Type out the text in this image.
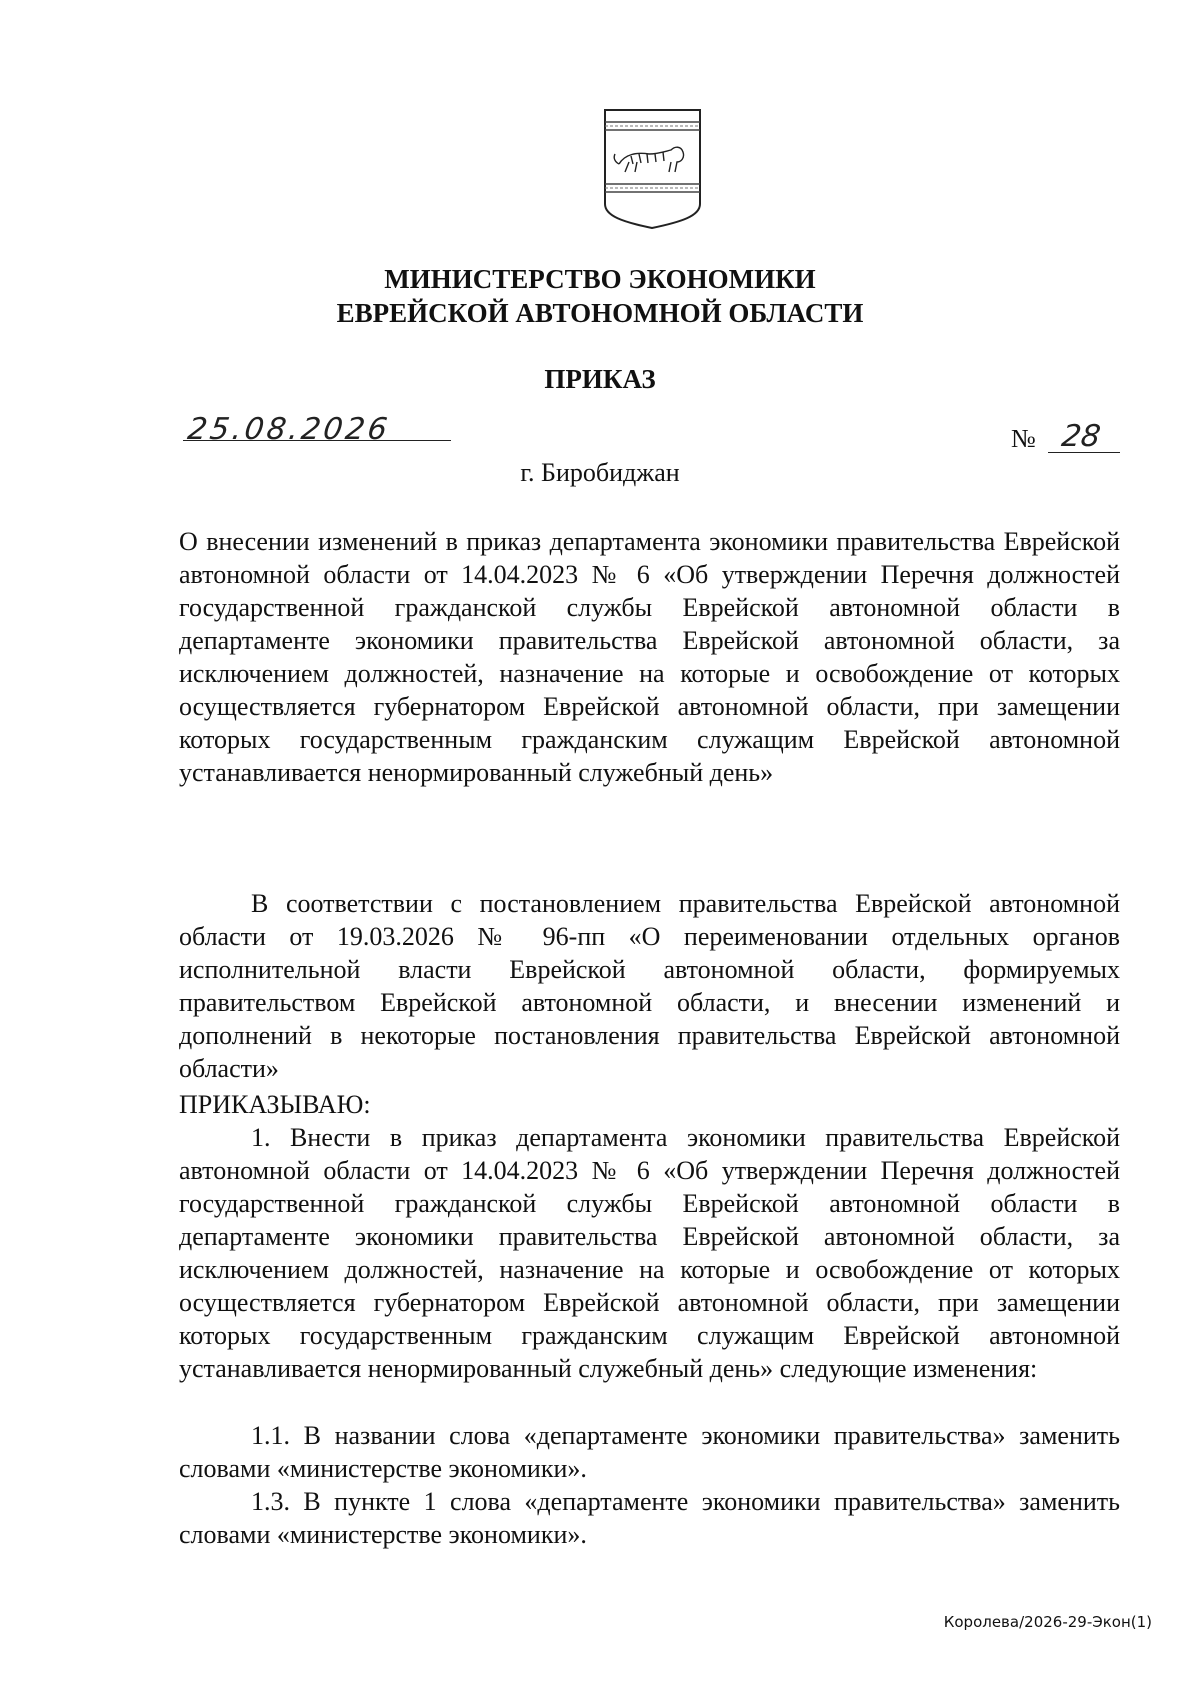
МИНИСТЕРСТВО ЭКОНОМИКИ
ЕВРЕЙСКОЙ АВТОНОМНОЙ ОБЛАСТИ
ПРИКАЗ
25.08.2026	№ 28
г. Биробиджан

О внесении изменений в приказ департамента экономики правительства Еврейской автономной области от 14.04.2023 № 6 «Об утверждении Перечня должностей государственной гражданской службы Еврейской автономной области в департаменте экономики правительства Еврейской автономной области, за исключением должностей, назначение на которые и освобождение от которых осуществляется губернатором Еврейской автономной области, при замещении которых государственным гражданским служащим Еврейской автономной устанавливается ненормированный служебный день»

В соответствии с постановлением правительства Еврейской автономной области от 19.03.2026 № 96-пп «О переименовании отдельных органов исполнительной власти Еврейской автономной области, формируемых правительством Еврейской автономной области, и внесении изменений и дополнений в некоторые постановления правительства Еврейской автономной области»

ПРИКАЗЫВАЮ:

1. Внести в приказ департамента экономики правительства Еврейской автономной области от 14.04.2023 № 6 «Об утверждении Перечня должностей государственной гражданской службы Еврейской автономной области в департаменте экономики правительства Еврейской автономной области, за исключением должностей, назначение на которые и освобождение от которых осуществляется губернатором Еврейской автономной области, при замещении которых государственным гражданским служащим Еврейской автономной устанавливается ненормированный служебный день» следующие изменения:

1.1. В названии слова «департаменте экономики правительства» заменить словами «министерстве экономики».

1.3. В пункте 1 слова «департаменте экономики правительства» заменить словами «министерстве экономики».

Королева/2026-29-Экон(1)
